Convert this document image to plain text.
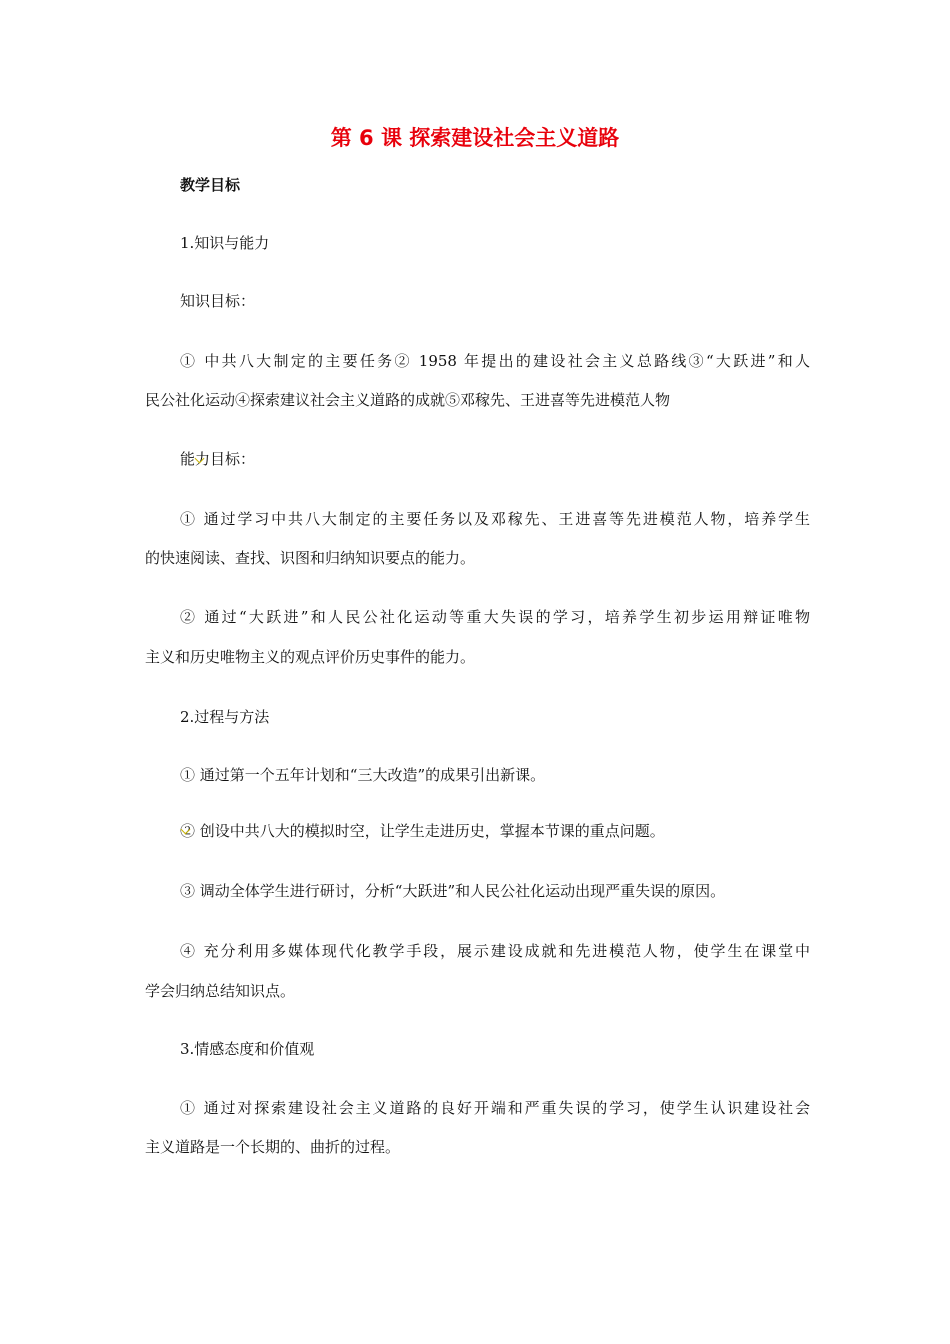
第 6 课 探索建设社会主义道路

教学目标

1.知识与能力

知识目标：

① 中共八大制定的主要任务② 1958 年提出的建设社会主义总路线③“大跃进”和人

民公社化运动④探索建议社会主义道路的成就⑤邓稼先、王进喜等先进模范人物

能力目标：

① 通过学习中共八大制定的主要任务以及邓稼先、王进喜等先进模范人物，培养学生

的快速阅读、查找、识图和归纳知识要点的能力。

② 通过“大跃进”和人民公社化运动等重大失误的学习，培养学生初步运用辩证唯物

主义和历史唯物主义的观点评价历史事件的能力。

2.过程与方法

① 通过第一个五年计划和“三大改造”的成果引出新课。

② 创设中共八大的模拟时空，让学生走进历史，掌握本节课的重点问题。

③ 调动全体学生进行研讨，分析“大跃进”和人民公社化运动出现严重失误的原因。

④ 充分利用多媒体现代化教学手段，展示建设成就和先进模范人物，使学生在课堂中

学会归纳总结知识点。

3.情感态度和价值观

① 通过对探索建设社会主义道路的良好开端和严重失误的学习，使学生认识建设社会

主义道路是一个长期的、曲折的过程。
